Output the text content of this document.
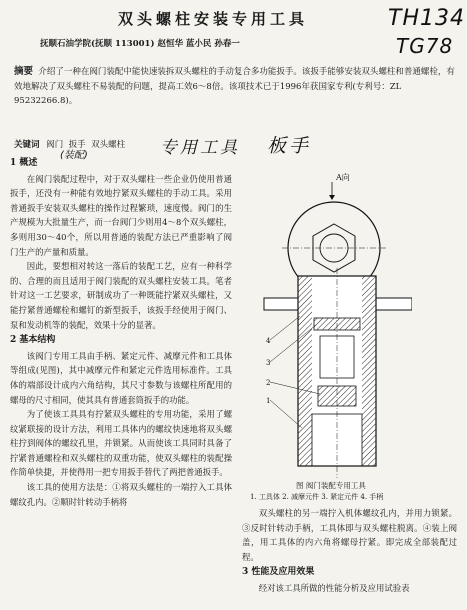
双头螺柱安装专用工具	TH134
TG78
抚顺石油学院(抚顺 113001) 赵恒华 蓝小民 孙春一
摘要 介绍了一种在阀门装配中能快速装拆双头螺柱的手动复合多功能扳手。该扳手能够安装双头螺柱和普通螺栓，有效地解决了双头螺柱不易装配的问题，提高工效6～8倍。该项技术已于1996年获国家专利(专利号：ZL 95232266.8)。
关键词 阀门 扳手 双头螺柱 专用工具 板手
(装配)

1 概述

在阀门装配过程中，对于双头螺柱一些企业仍使用普通扳手，还没有一种能有效地拧紧双头螺柱的手动工具。采用普通扳手安装双头螺柱的操作过程繁琐，速度慢。阀门的生产规模为大批量生产，而一台阀门少则用4～8个双头螺柱，多则用30～40个，所以用普通的装配方法已严重影响了阀门生产的产量和质量。

因此，要想相对转这一落后的装配工艺，应有一种科学的、合理的而且适用于阀门装配的双头螺柱安装工具。笔者针对这一工艺要求，研制成功了一种既能拧紧双头螺柱，又能拧紧普通螺栓和螺钉的新型扳手，该扳手经使用于阀门、泵和发动机等的装配，效果十分的显著。

2 基本结构

该阀门专用工具由手柄、紧定元件、减摩元件和工具体等组成(见图)，其中减摩元件和紧定元件选用标准件。工具体的端部设计成内六角结构，其尺寸参数与该螺柱所配用的螺母的尺寸相同，使其具有普通套筒扳手的功能。

为了使该工具具有拧紧双头螺柱的专用功能，采用了螺纹紧联接的设计方法，利用工具体内的螺纹快速地将双头螺柱拧到阀体的螺纹孔里，并锁紧。从而使该工具同时具备了拧紧普通螺栓和双头螺柱的双重功能，使双头螺柱的装配操作简单快捷，并使得用一把专用扳手替代了两把普通扳手。

该工具的使用方法是：①将双头螺柱的一端拧入工具体螺纹孔内。②顺时针转动手柄将

A向
4
3
2
1
图 阀门装配专用工具
1. 工具体 2. 减摩元件 3. 紧定元件 4. 手柄

双头螺柱的另一端拧入机体螺纹孔内，并用力锁紧。③反时针转动手柄，工具体即与双头螺柱脱离。④装上阀盖，用工具体的内六角将螺母拧紧。即完成全部装配过程。

3 性能及应用效果

经对该工具所做的性能分析及应用试验表
